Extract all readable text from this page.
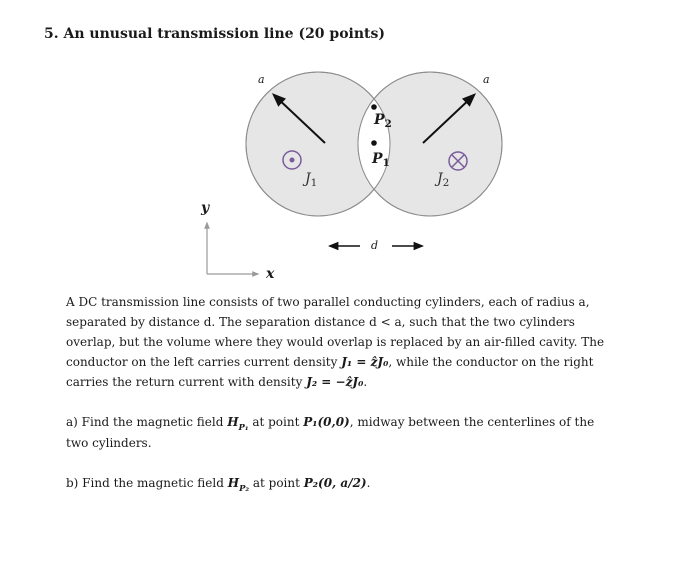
5. An unusual transmission line (20 points)
a	a
$P_2$
$P_1$
$J_1$	$J_2$
d
y
x
A DC transmission line consists of two parallel conducting cylinders, each of radius a,
separated by distance d. The separation distance d < a, such that the two cylinders
overlap, but the volume where they would overlap is replaced by an air-filled cavity. The
conductor on the left carries current density J₁ = ẑJ₀, while the conductor on the right
carries the return current with density J₂ = −ẑJ₀.
a) Find the magnetic field $H_{P_1}$ at point P₁(0,0), midway between the centerlines of the
two cylinders.
b) Find the magnetic field $H_{P_2}$ at point P₂(0, a/2).
